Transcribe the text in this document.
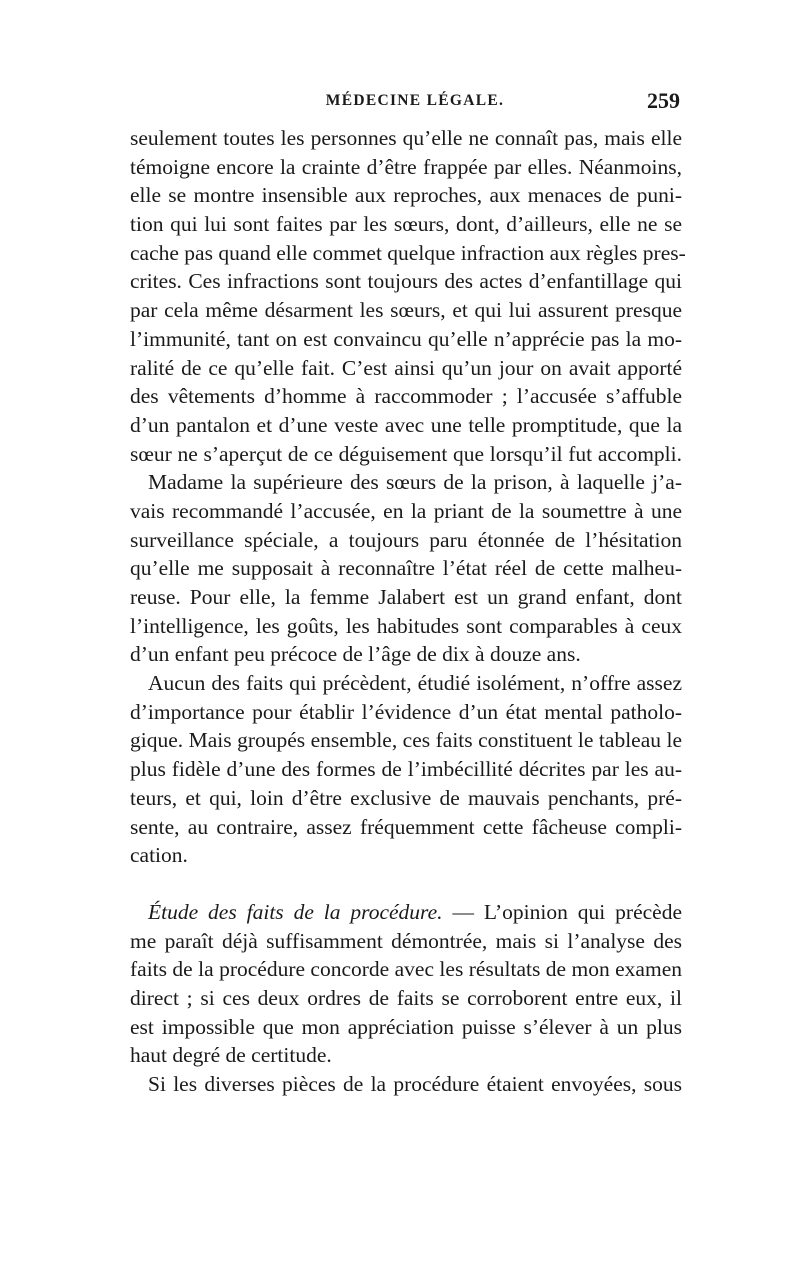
MÉDECINE LÉGALE.	259
seulement toutes les personnes qu’elle ne connaît pas, mais elle
témoigne encore la crainte d’être frappée par elles. Néanmoins,
elle se montre insensible aux reproches, aux menaces de puni-
tion qui lui sont faites par les sœurs, dont, d’ailleurs, elle ne se
cache pas quand elle commet quelque infraction aux règles pres-
crites. Ces infractions sont toujours des actes d’enfantillage qui
par cela même désarment les sœurs, et qui lui assurent presque
l’immunité, tant on est convaincu qu’elle n’apprécie pas la mo-
ralité de ce qu’elle fait. C’est ainsi qu’un jour on avait apporté
des vêtements d’homme à raccommoder ; l’accusée s’affuble
d’un pantalon et d’une veste avec une telle promptitude, que la
sœur ne s’aperçut de ce déguisement que lorsqu’il fut accompli.
Madame la supérieure des sœurs de la prison, à laquelle j’a-
vais recommandé l’accusée, en la priant de la soumettre à une
surveillance spéciale, a toujours paru étonnée de l’hésitation
qu’elle me supposait à reconnaître l’état réel de cette malheu-
reuse. Pour elle, la femme Jalabert est un grand enfant, dont
l’intelligence, les goûts, les habitudes sont comparables à ceux
d’un enfant peu précoce de l’âge de dix à douze ans.
Aucun des faits qui précèdent, étudié isolément, n’offre assez
d’importance pour établir l’évidence d’un état mental patholo-
gique. Mais groupés ensemble, ces faits constituent le tableau le
plus fidèle d’une des formes de l’imbécillité décrites par les au-
teurs, et qui, loin d’être exclusive de mauvais penchants, pré-
sente, au contraire, assez fréquemment cette fâcheuse compli-
cation.
Étude des faits de la procédure. — L’opinion qui précède
me paraît déjà suffisamment démontrée, mais si l’analyse des
faits de la procédure concorde avec les résultats de mon examen
direct ; si ces deux ordres de faits se corroborent entre eux, il
est impossible que mon appréciation puisse s’élever à un plus
haut degré de certitude.
Si les diverses pièces de la procédure étaient envoyées, sous
